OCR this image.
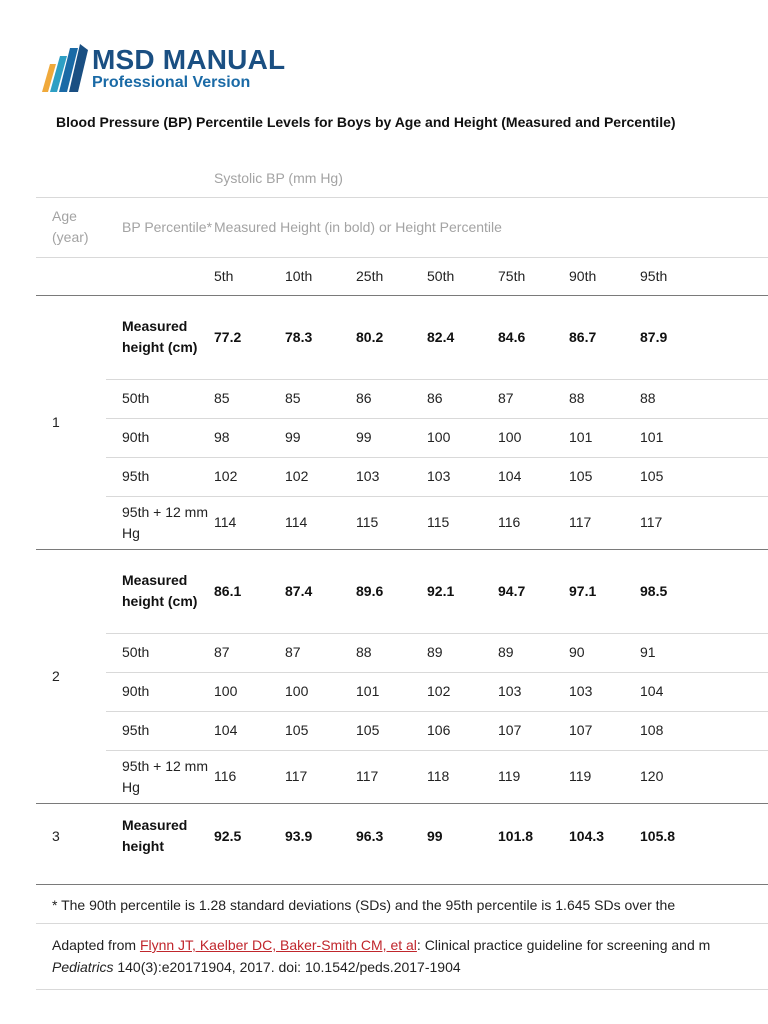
MSD MANUAL
Professional Version
Blood Pressure (BP) Percentile Levels for Boys by Age and Height (Measured and Percentile)
		Systolic BP (mm Hg)						
Age (year)	BP Percentile*	Measured Height (in bold) or Height Percentile						
		5th	10th	25th	50th	75th	90th	95th
1	Measured height (cm)	77.2	78.3	80.2	82.4	84.6	86.7	87.9
	50th	85	85	86	86	87	88	88
	90th	98	99	99	100	100	101	101
	95th	102	102	103	103	104	105	105
	95th + 12 mm Hg	114	114	115	115	116	117	117
2	Measured height (cm)	86.1	87.4	89.6	92.1	94.7	97.1	98.5
	50th	87	87	88	89	89	90	91
	90th	100	100	101	102	103	103	104
	95th	104	105	105	106	107	107	108
	95th + 12 mm Hg	116	117	117	118	119	119	120
3	Measured height	92.5	93.9	96.3	99	101.8	104.3	105.8
* The 90th percentile is 1.28 standard deviations (SDs) and the 95th percentile is 1.645 SDs over the
Adapted from Flynn JT, Kaelber DC, Baker-Smith CM, et al: Clinical practice guideline for screening and m
Pediatrics 140(3):e20171904, 2017. doi: 10.1542/peds.2017-1904
